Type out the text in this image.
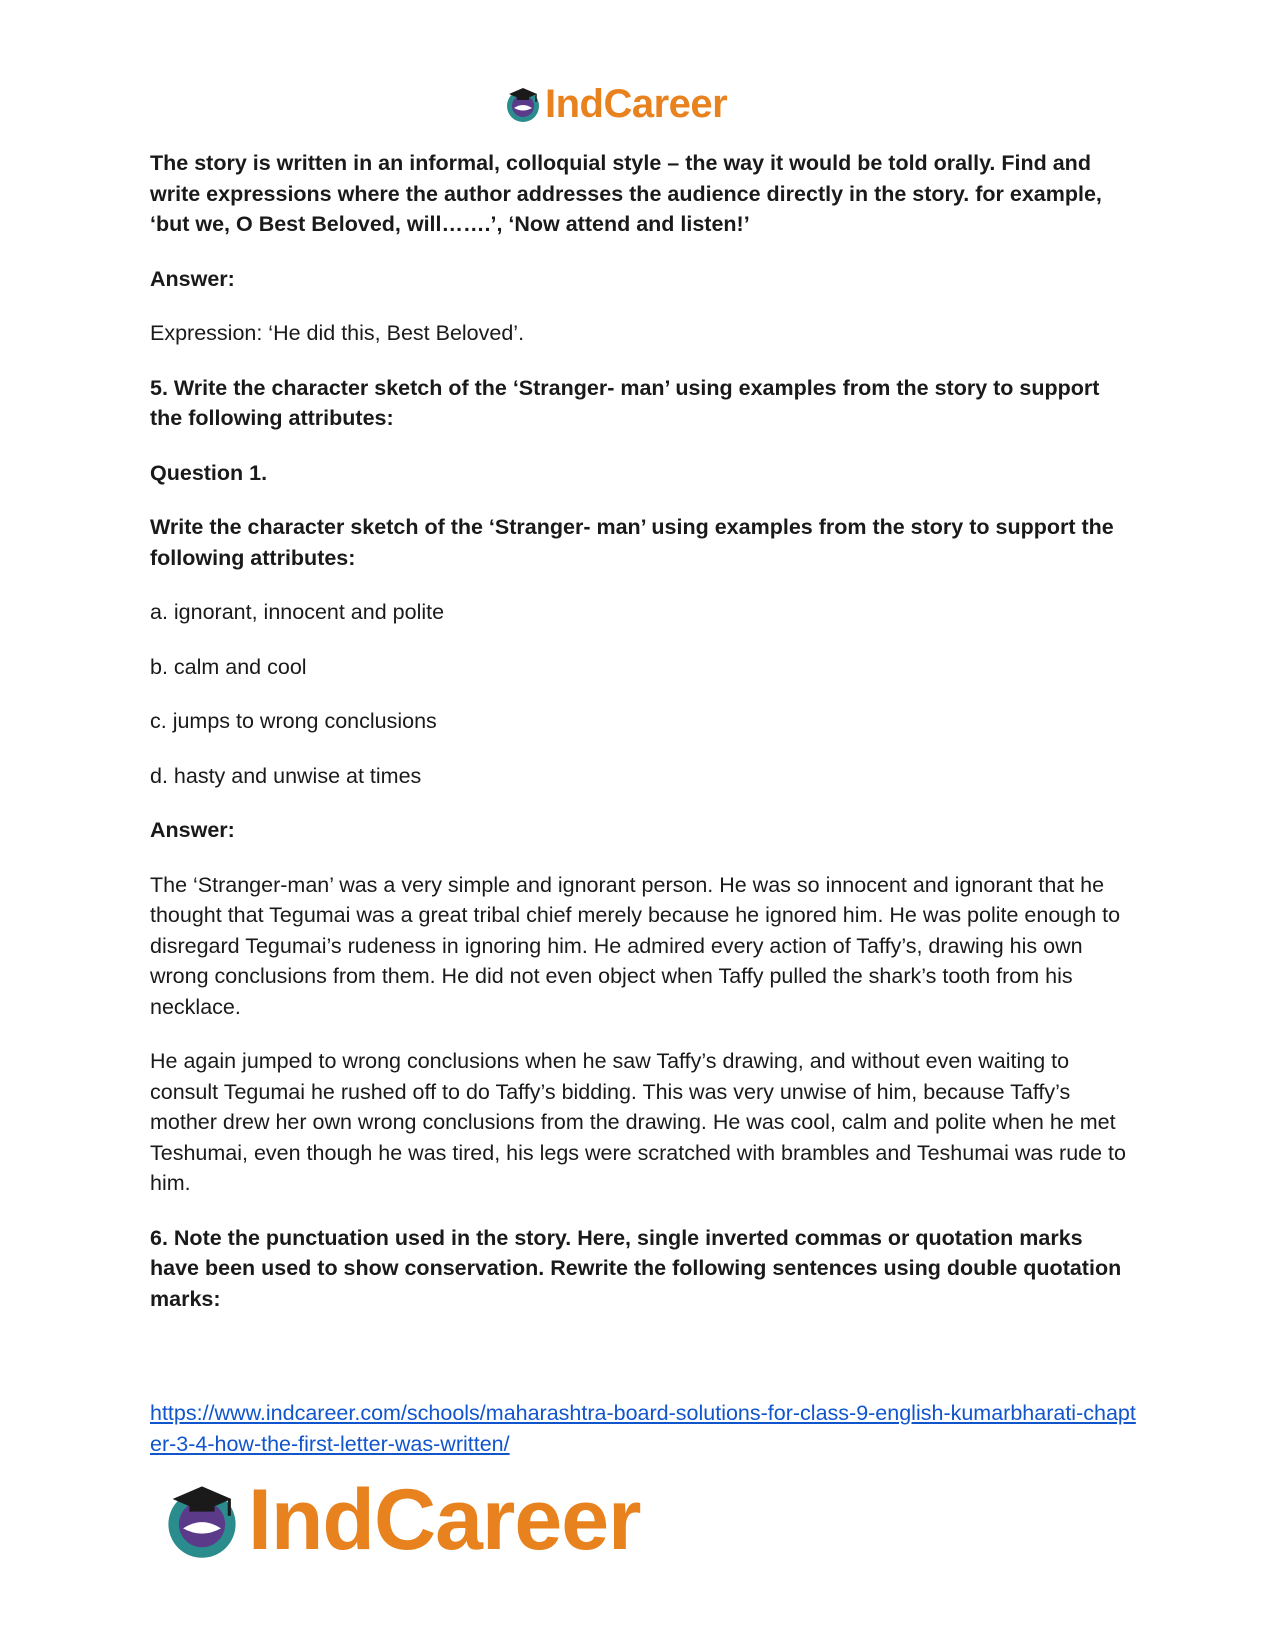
IndCareer

The story is written in an informal, colloquial style – the way it would be told orally. Find and write expressions where the author addresses the audience directly in the story. for example, ‘but we, O Best Beloved, will…….’, ‘Now attend and listen!’

Answer:

Expression: ‘He did this, Best Beloved’.

5. Write the character sketch of the ‘Stranger- man’ using examples from the story to support the following attributes:

Question 1.

Write the character sketch of the ‘Stranger- man’ using examples from the story to support the following attributes:

a. ignorant, innocent and polite

b. calm and cool

c. jumps to wrong conclusions

d. hasty and unwise at times

Answer:

The ‘Stranger-man’ was a very simple and ignorant person. He was so innocent and ignorant that he thought that Tegumai was a great tribal chief merely because he ignored him. He was polite enough to disregard Tegumai’s rudeness in ignoring him. He admired every action of Taffy’s, drawing his own wrong conclusions from them. He did not even object when Taffy pulled the shark’s tooth from his necklace.

He again jumped to wrong conclusions when he saw Taffy’s drawing, and without even waiting to consult Tegumai he rushed off to do Taffy’s bidding. This was very unwise of him, because Taffy’s mother drew her own wrong conclusions from the drawing. He was cool, calm and polite when he met Teshumai, even though he was tired, his legs were scratched with brambles and Teshumai was rude to him.

6. Note the punctuation used in the story. Here, single inverted commas or quotation marks have been used to show conservation. Rewrite the following sentences using double quotation marks:

https://www.indcareer.com/schools/maharashtra-board-solutions-for-class-9-english-kumarbharati-chapter-3-4-how-the-first-letter-was-written/
IndCareer
